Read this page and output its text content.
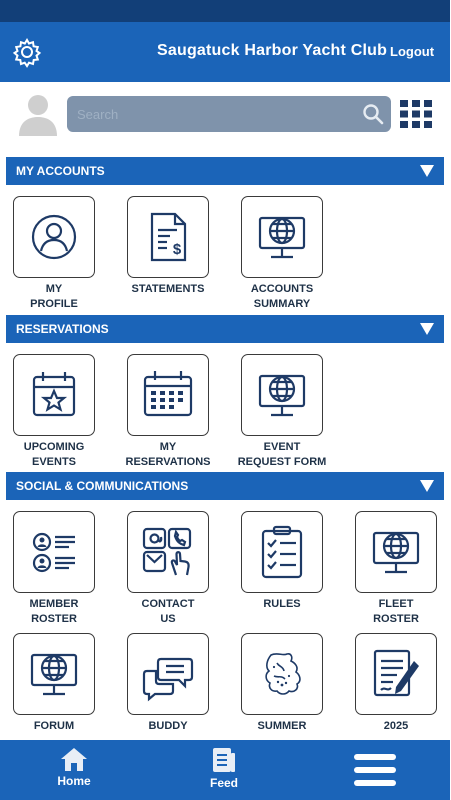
Saugatuck Harbor Yacht Club Logout
Search
MY ACCOUNTS
MY
PROFILE
$
STATEMENTS	ACCOUNTS
SUMMARY
RESERVATIONS
UPCOMING
EVENTS
MY
RESERVATIONS
EVENT
REQUEST FORM
SOCIAL & COMMUNICATIONS
MEMBER
ROSTER
CONTACT
US
RULES	FLEET
ROSTER
FORUM	BUDDY	SUMMER	2025
Home	Feed
